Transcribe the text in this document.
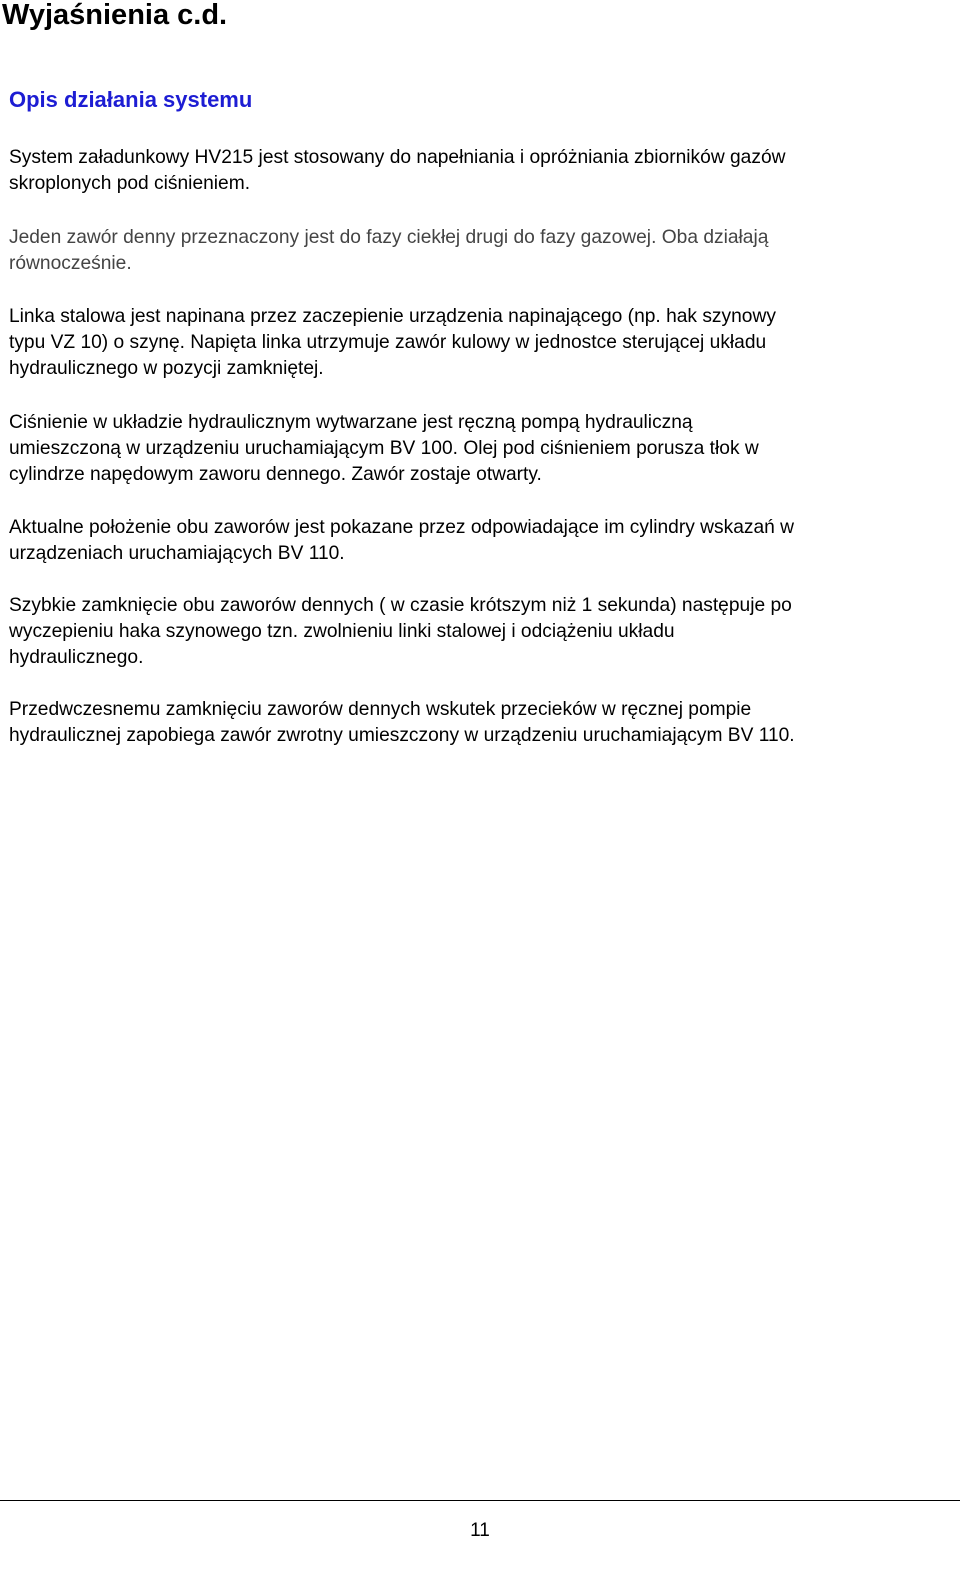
Wyjaśnienia c.d.
Opis działania systemu

System załadunkowy HV215 jest stosowany do napełniania i opróżniania zbiorników gazów
skroplonych pod ciśnieniem.

Jeden zawór denny przeznaczony jest do fazy ciekłej drugi do fazy gazowej. Oba działają
równocześnie.

Linka stalowa jest napinana przez zaczepienie urządzenia napinającego (np. hak szynowy
typu VZ 10) o szynę. Napięta linka utrzymuje zawór kulowy w jednostce sterującej układu
hydraulicznego w pozycji zamkniętej.

Ciśnienie w układzie hydraulicznym wytwarzane jest ręczną pompą hydrauliczną
umieszczoną w urządzeniu uruchamiającym BV 100. Olej pod ciśnieniem porusza tłok w
cylindrze napędowym zaworu dennego. Zawór zostaje otwarty.

Aktualne położenie obu zaworów jest pokazane przez odpowiadające im cylindry wskazań w
urządzeniach uruchamiających BV 110.

Szybkie zamknięcie obu zaworów dennych ( w czasie krótszym niż 1 sekunda) następuje po
wyczepieniu haka szynowego tzn. zwolnieniu linki stalowej i odciążeniu układu
hydraulicznego.

Przedwczesnemu zamknięciu zaworów dennych wskutek przecieków w ręcznej pompie
hydraulicznej zapobiega zawór zwrotny umieszczony w urządzeniu uruchamiającym BV 110.

11
